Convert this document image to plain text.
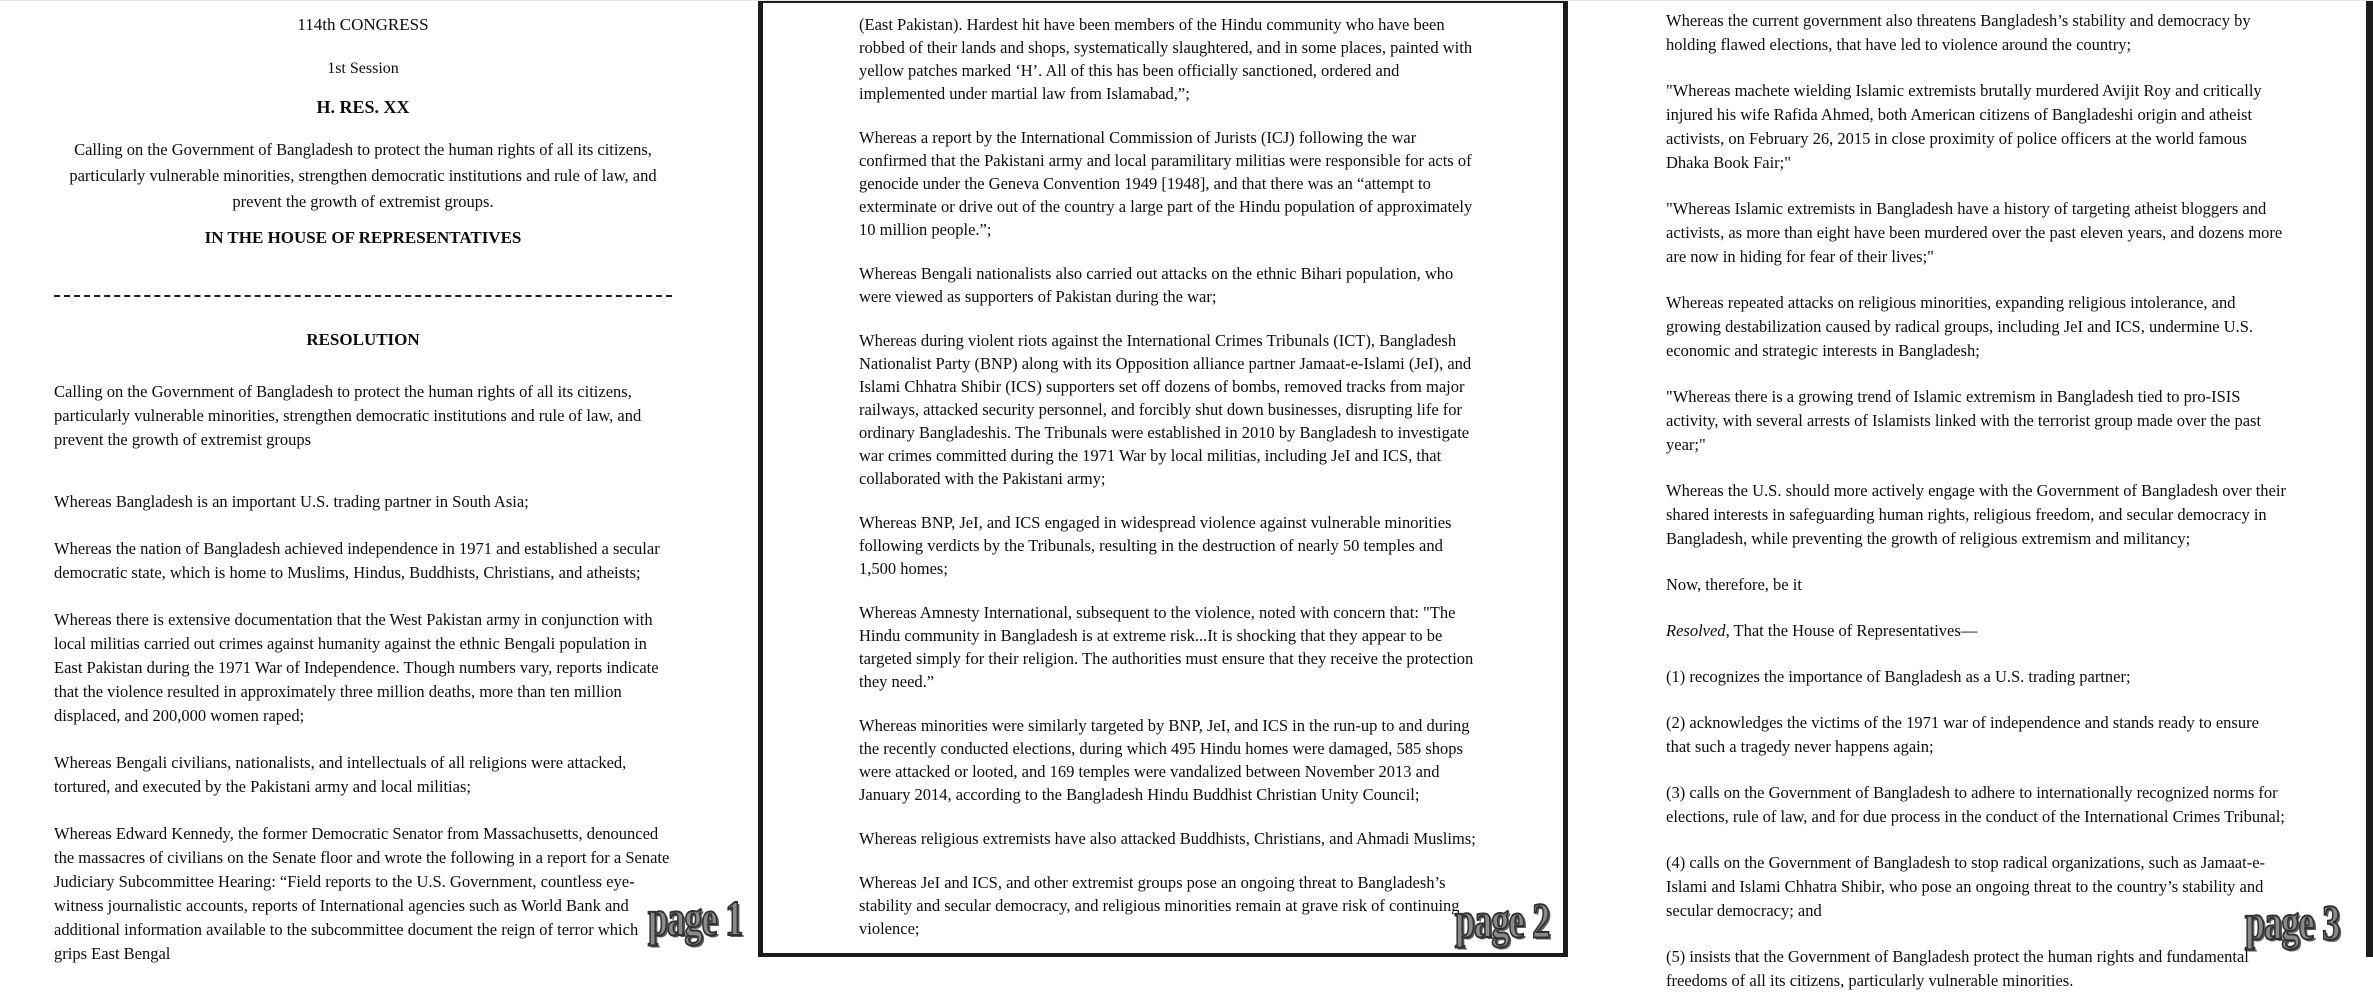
114th CONGRESS
1st Session
H. RES. XX
Calling on the Government of Bangladesh to protect the human rights of all its citizens, particularly vulnerable minorities, strengthen democratic institutions and rule of law, and prevent the growth of extremist groups.
IN THE HOUSE OF REPRESENTATIVES
RESOLUTION

Calling on the Government of Bangladesh to protect the human rights of all its citizens, particularly vulnerable minorities, strengthen democratic institutions and rule of law, and prevent the growth of extremist groups

Whereas Bangladesh is an important U.S. trading partner in South Asia;

Whereas the nation of Bangladesh achieved independence in 1971 and established a secular democratic state, which is home to Muslims, Hindus, Buddhists, Christians, and atheists;

Whereas there is extensive documentation that the West Pakistan army in conjunction with local militias carried out crimes against humanity against the ethnic Bengali population in East Pakistan during the 1971 War of Independence. Though numbers vary, reports indicate that the violence resulted in approximately three million deaths, more than ten million displaced, and 200,000 women raped;

Whereas Bengali civilians, nationalists, and intellectuals of all religions were attacked, tortured, and executed by the Pakistani army and local militias;

Whereas Edward Kennedy, the former Democratic Senator from Massachusetts, denounced the massacres of civilians on the Senate floor and wrote the following in a report for a Senate Judiciary Subcommittee Hearing: “Field reports to the U.S. Government, countless eye-witness journalistic accounts, reports of International agencies such as World Bank and additional information available to the subcommittee document the reign of terror which grips East Bengal

page 1

(East Pakistan). Hardest hit have been members of the Hindu community who have been robbed of their lands and shops, systematically slaughtered, and in some places, painted with yellow patches marked ‘H’. All of this has been officially sanctioned, ordered and implemented under martial law from Islamabad,”;

Whereas a report by the International Commission of Jurists (ICJ) following the war confirmed that the Pakistani army and local paramilitary militias were responsible for acts of genocide under the Geneva Convention 1949 [1948], and that there was an “attempt to exterminate or drive out of the country a large part of the Hindu population of approximately 10 million people.”;

Whereas Bengali nationalists also carried out attacks on the ethnic Bihari population, who were viewed as supporters of Pakistan during the war;

Whereas during violent riots against the International Crimes Tribunals (ICT), Bangladesh Nationalist Party (BNP) along with its Opposition alliance partner Jamaat-e-Islami (JeI), and Islami Chhatra Shibir (ICS) supporters set off dozens of bombs, removed tracks from major railways, attacked security personnel, and forcibly shut down businesses, disrupting life for ordinary Bangladeshis. The Tribunals were established in 2010 by Bangladesh to investigate war crimes committed during the 1971 War by local militias, including JeI and ICS, that collaborated with the Pakistani army;

Whereas BNP, JeI, and ICS engaged in widespread violence against vulnerable minorities following verdicts by the Tribunals, resulting in the destruction of nearly 50 temples and 1,500 homes;

Whereas Amnesty International, subsequent to the violence, noted with concern that: "The Hindu community in Bangladesh is at extreme risk...It is shocking that they appear to be targeted simply for their religion. The authorities must ensure that they receive the protection they need.”

Whereas minorities were similarly targeted by BNP, JeI, and ICS in the run-up to and during the recently conducted elections, during which 495 Hindu homes were damaged, 585 shops were attacked or looted, and 169 temples were vandalized between November 2013 and January 2014, according to the Bangladesh Hindu Buddhist Christian Unity Council;

Whereas religious extremists have also attacked Buddhists, Christians, and Ahmadi Muslims;

Whereas JeI and ICS, and other extremist groups pose an ongoing threat to Bangladesh’s stability and secular democracy, and religious minorities remain at grave risk of continuing violence;	page 2

Whereas the current government also threatens Bangladesh’s stability and democracy by holding flawed elections, that have led to violence around the country;

"Whereas machete wielding Islamic extremists brutally murdered Avijit Roy and critically injured his wife Rafida Ahmed, both American citizens of Bangladeshi origin and atheist activists, on February 26, 2015 in close proximity of police officers at the world famous Dhaka Book Fair;"

"Whereas Islamic extremists in Bangladesh have a history of targeting atheist bloggers and activists, as more than eight have been murdered over the past eleven years, and dozens more are now in hiding for fear of their lives;"

Whereas repeated attacks on religious minorities, expanding religious intolerance, and growing destabilization caused by radical groups, including JeI and ICS, undermine U.S. economic and strategic interests in Bangladesh;

"Whereas there is a growing trend of Islamic extremism in Bangladesh tied to pro-ISIS activity, with several arrests of Islamists linked with the terrorist group made over the past year;"

Whereas the U.S. should more actively engage with the Government of Bangladesh over their shared interests in safeguarding human rights, religious freedom, and secular democracy in Bangladesh, while preventing the growth of religious extremism and militancy;

Now, therefore, be it

Resolved, That the House of Representatives—

(1) recognizes the importance of Bangladesh as a U.S. trading partner;

(2) acknowledges the victims of the 1971 war of independence and stands ready to ensure that such a tragedy never happens again;

(3) calls on the Government of Bangladesh to adhere to internationally recognized norms for elections, rule of law, and for due process in the conduct of the International Crimes Tribunal;

(4) calls on the Government of Bangladesh to stop radical organizations, such as Jamaat-e-Islami and Islami Chhatra Shibir, who pose an ongoing threat to the country’s stability and secular democracy; and

(5) insists that the Government of Bangladesh protect the human rights and fundamental freedoms of all its citizens, particularly vulnerable minorities.

page 3
